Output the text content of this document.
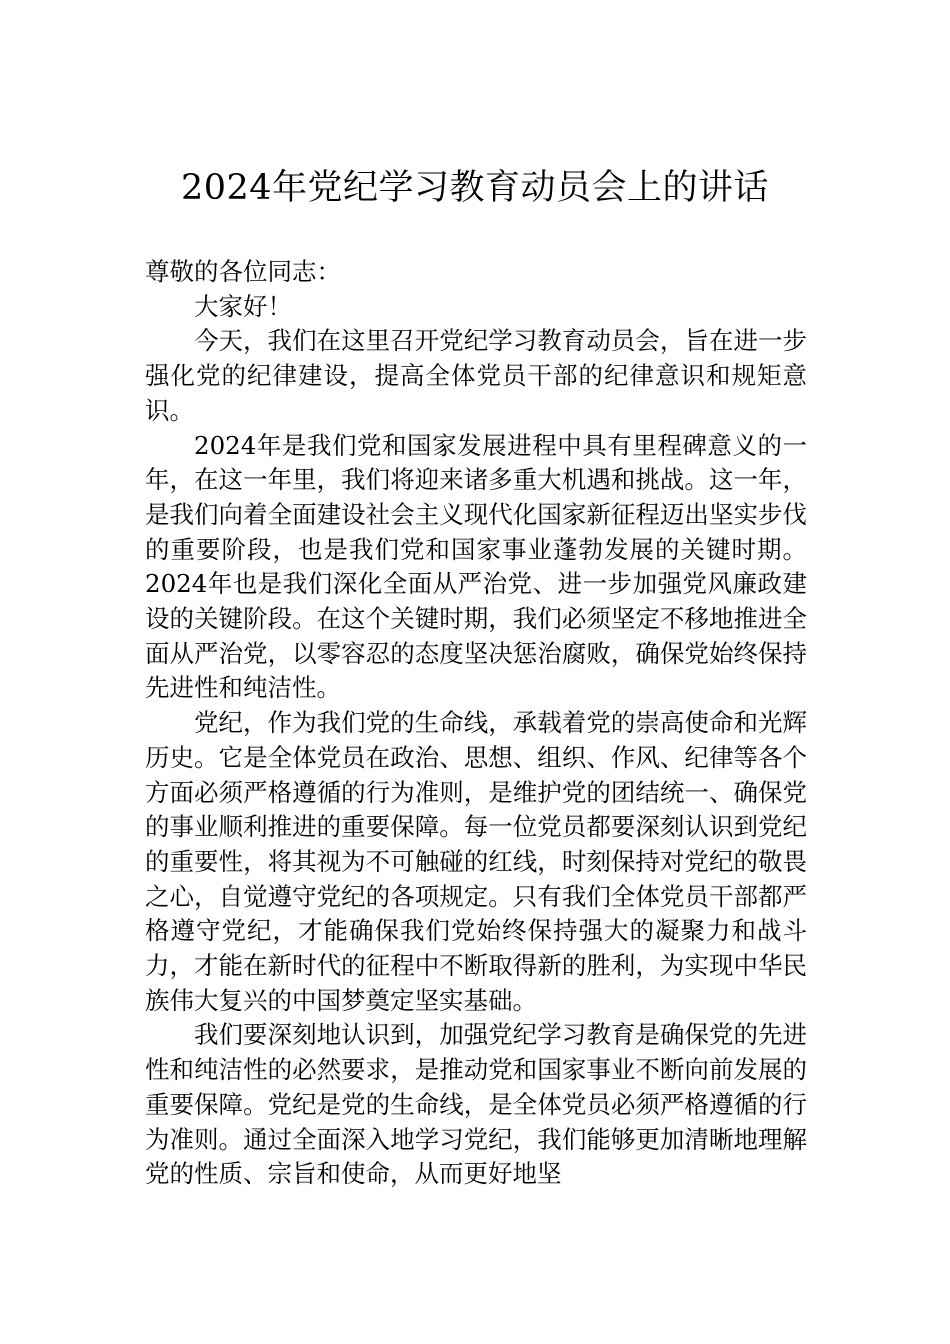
2024年党纪学习教育动员会上的讲话

尊敬的各位同志：

大家好！

今天，我们在这里召开党纪学习教育动员会，旨在进一步强化党的纪律建设，提高全体党员干部的纪律意识和规矩意识。

2024年是我们党和国家发展进程中具有里程碑意义的一年，在这一年里，我们将迎来诸多重大机遇和挑战。这一年，是我们向着全面建设社会主义现代化国家新征程迈出坚实步伐的重要阶段，也是我们党和国家事业蓬勃发展的关键时期。2024年也是我们深化全面从严治党、进一步加强党风廉政建设的关键阶段。在这个关键时期，我们必须坚定不移地推进全面从严治党，以零容忍的态度坚决惩治腐败，确保党始终保持先进性和纯洁性。

党纪，作为我们党的生命线，承载着党的崇高使命和光辉历史。它是全体党员在政治、思想、组织、作风、纪律等各个方面必须严格遵循的行为准则，是维护党的团结统一、确保党的事业顺利推进的重要保障。每一位党员都要深刻认识到党纪的重要性，将其视为不可触碰的红线，时刻保持对党纪的敬畏之心，自觉遵守党纪的各项规定。只有我们全体党员干部都严格遵守党纪，才能确保我们党始终保持强大的凝聚力和战斗力，才能在新时代的征程中不断取得新的胜利，为实现中华民族伟大复兴的中国梦奠定坚实基础。

我们要深刻地认识到，加强党纪学习教育是确保党的先进性和纯洁性的必然要求，是推动党和国家事业不断向前发展的重要保障。党纪是党的生命线，是全体党员必须严格遵循的行为准则。通过全面深入地学习党纪，我们能够更加清晰地理解党的性质、宗旨和使命，从而更好地坚
